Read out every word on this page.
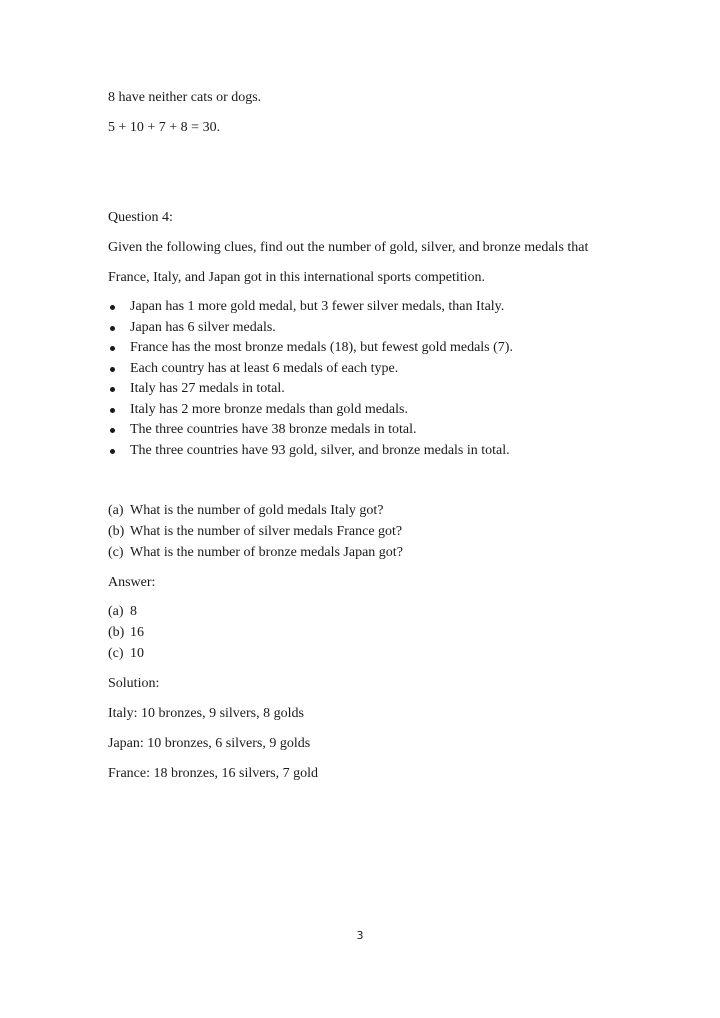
8 have neither cats or dogs.
5 + 10 + 7 + 8 = 30.
Question 4:
Given the following clues, find out the number of gold, silver, and bronze medals that
France, Italy, and Japan got in this international sports competition.
Japan has 1 more gold medal, but 3 fewer silver medals, than Italy.
Japan has 6 silver medals.
France has the most bronze medals (18), but fewest gold medals (7).
Each country has at least 6 medals of each type.
Italy has 27 medals in total.
Italy has 2 more bronze medals than gold medals.
The three countries have 38 bronze medals in total.
The three countries have 93 gold, silver, and bronze medals in total.
(a) What is the number of gold medals Italy got?
(b) What is the number of silver medals France got?
(c) What is the number of bronze medals Japan got?
Answer:
(a) 8
(b) 16
(c) 10
Solution:
Italy: 10 bronzes, 9 silvers, 8 golds
Japan: 10 bronzes, 6 silvers, 9 golds
France: 18 bronzes, 16 silvers, 7 gold
3
